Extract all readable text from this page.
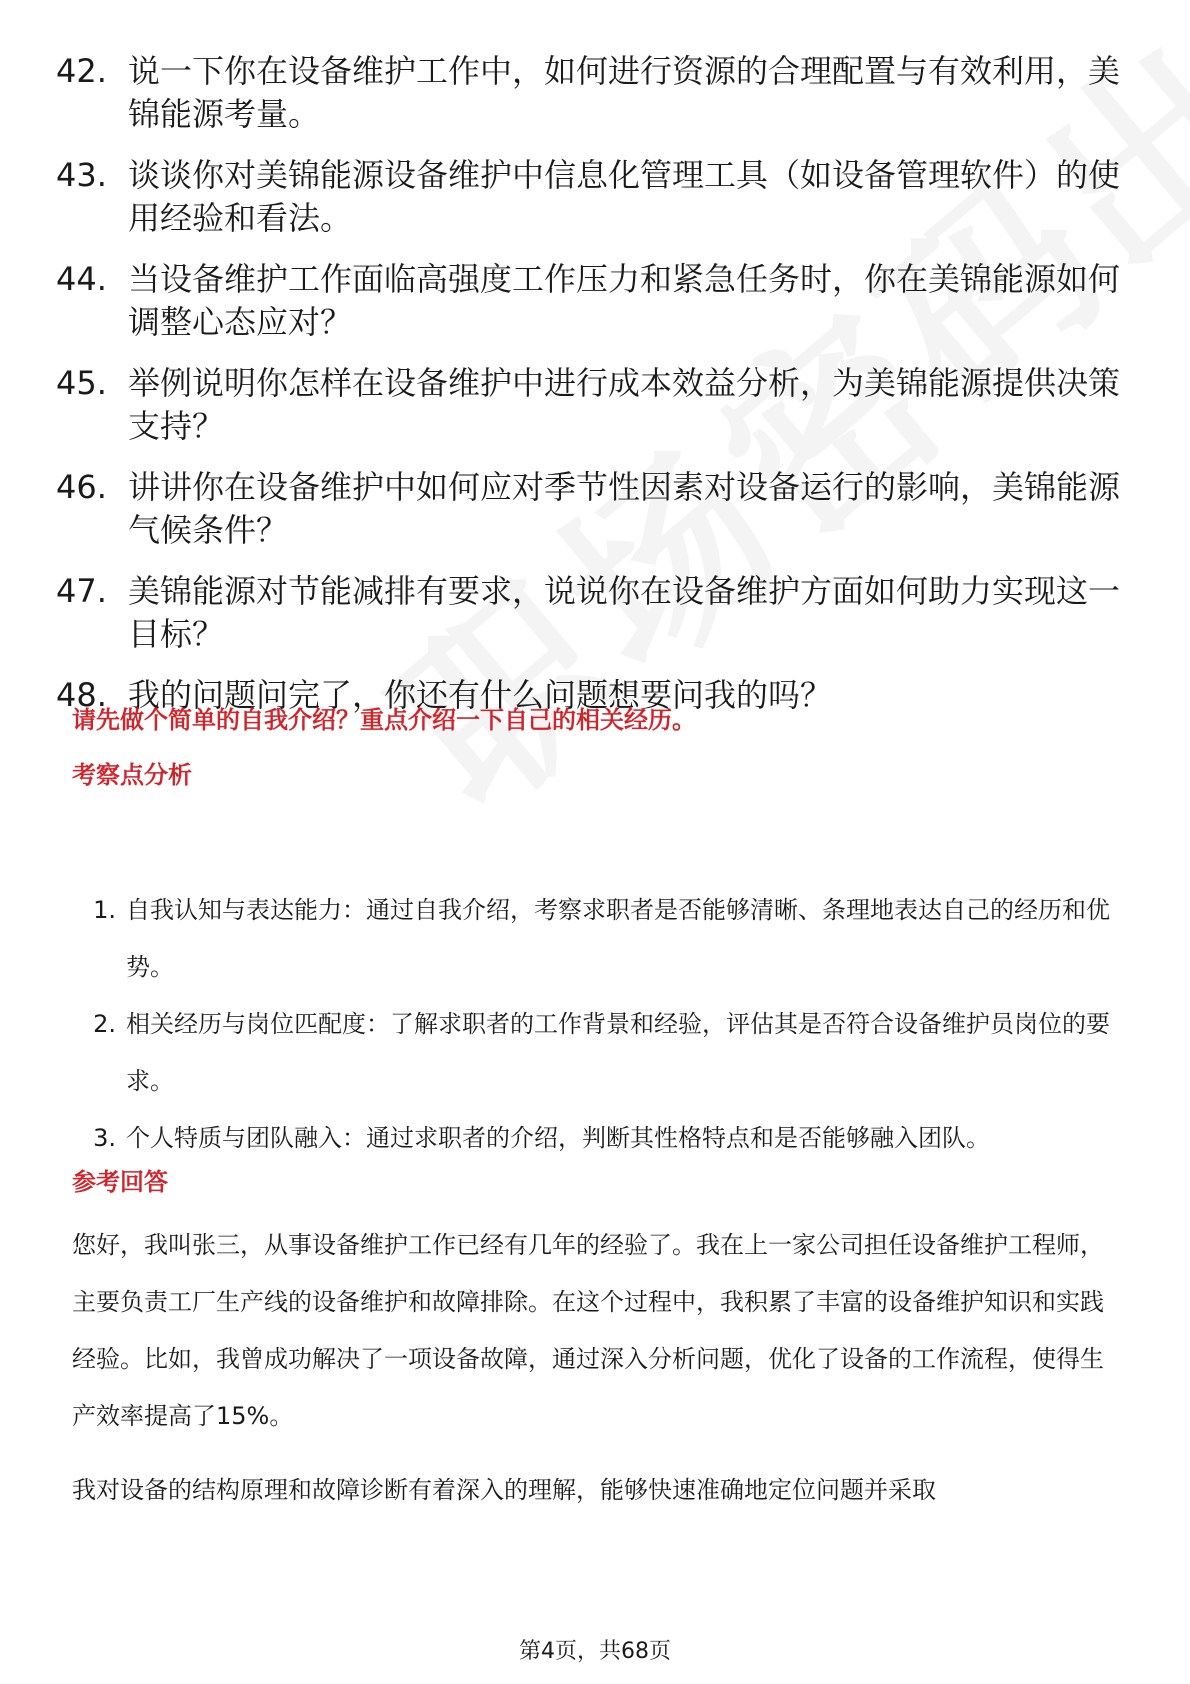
42. 说一下你在设备维护工作中，如何进行资源的合理配置与有效利用，美锦能源考量。
43. 谈谈你对美锦能源设备维护中信息化管理工具（如设备管理软件）的使用经验和看法。
44. 当设备维护工作面临高强度工作压力和紧急任务时，你在美锦能源如何调整心态应对？
45. 举例说明你怎样在设备维护中进行成本效益分析，为美锦能源提供决策支持？
46. 讲讲你在设备维护中如何应对季节性因素对设备运行的影响，美锦能源气候条件？
47. 美锦能源对节能减排有要求，说说你在设备维护方面如何助力实现这一目标？
48. 我的问题问完了，你还有什么问题想要问我的吗？
请先做个简单的自我介绍？重点介绍一下自己的相关经历。
考察点分析
1. 自我认知与表达能力：通过自我介绍，考察求职者是否能够清晰、条理地表达自己的经历和优势。
2. 相关经历与岗位匹配度：了解求职者的工作背景和经验，评估其是否符合设备维护员岗位的要求。
3. 个人特质与团队融入：通过求职者的介绍，判断其性格特点和是否能够融入团队。
参考回答
您好，我叫张三，从事设备维护工作已经有几年的经验了。我在上一家公司担任设备维护工程师，主要负责工厂生产线的设备维护和故障排除。在这个过程中，我积累了丰富的设备维护知识和实践经验。比如，我曾成功解决了一项设备故障，通过深入分析问题，优化了设备的工作流程，使得生产效率提高了15%。
我对设备的结构原理和故障诊断有着深入的理解，能够快速准确地定位问题并采取
第4页，共68页
